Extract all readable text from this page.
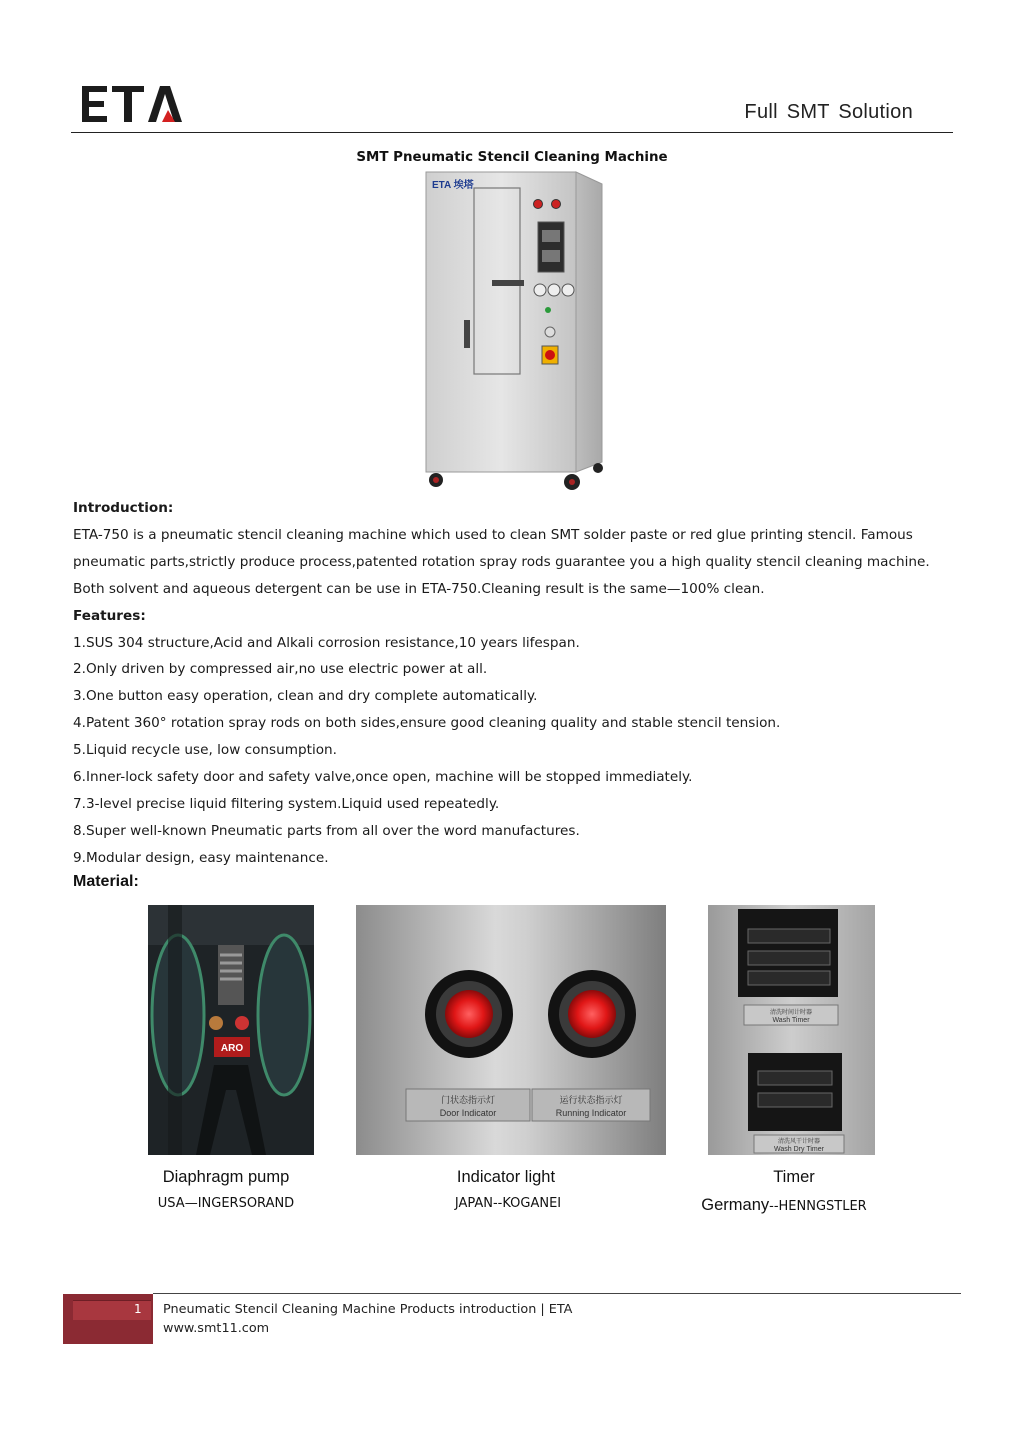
Full SMT Solution
SMT Pneumatic Stencil Cleaning Machine
ETA 埃塔

Introduction:

ETA-750 is a pneumatic stencil cleaning machine which used to clean SMT solder paste or red glue printing stencil. Famous

pneumatic parts,strictly produce process,patented rotation spray rods guarantee you a high quality stencil cleaning machine.

Both solvent and aqueous detergent can be use in ETA-750.Cleaning result is the same—100% clean.

Features:

1.SUS 304 structure,Acid and Alkali corrosion resistance,10 years lifespan.

2.Only driven by compressed air,no use electric power at all.

3.One button easy operation, clean and dry complete automatically.

4.Patent 360° rotation spray rods on both sides,ensure good cleaning quality and stable stencil tension.

5.Liquid recycle use, low consumption.

6.Inner-lock safety door and safety valve,once open, machine will be stopped immediately.

7.3-level precise liquid filtering system.Liquid used repeatedly.

8.Super well-known Pneumatic parts from all over the word manufactures.

9.Modular design, easy maintenance.

Material:
ARO
门状态指示灯
Door Indicator
运行状态指示灯
Running Indicator
清洗时间计时器
Wash Timer
清洗风干计时器
Wash Dry Timer
Diaphragm pump
USA—INGERSORAND
Indicator light
JAPAN--KOGANEI
Timer
Germany--HENNGSTLER
1 Pneumatic Stencil Cleaning Machine Products introduction | ETA
www.smt11.com
